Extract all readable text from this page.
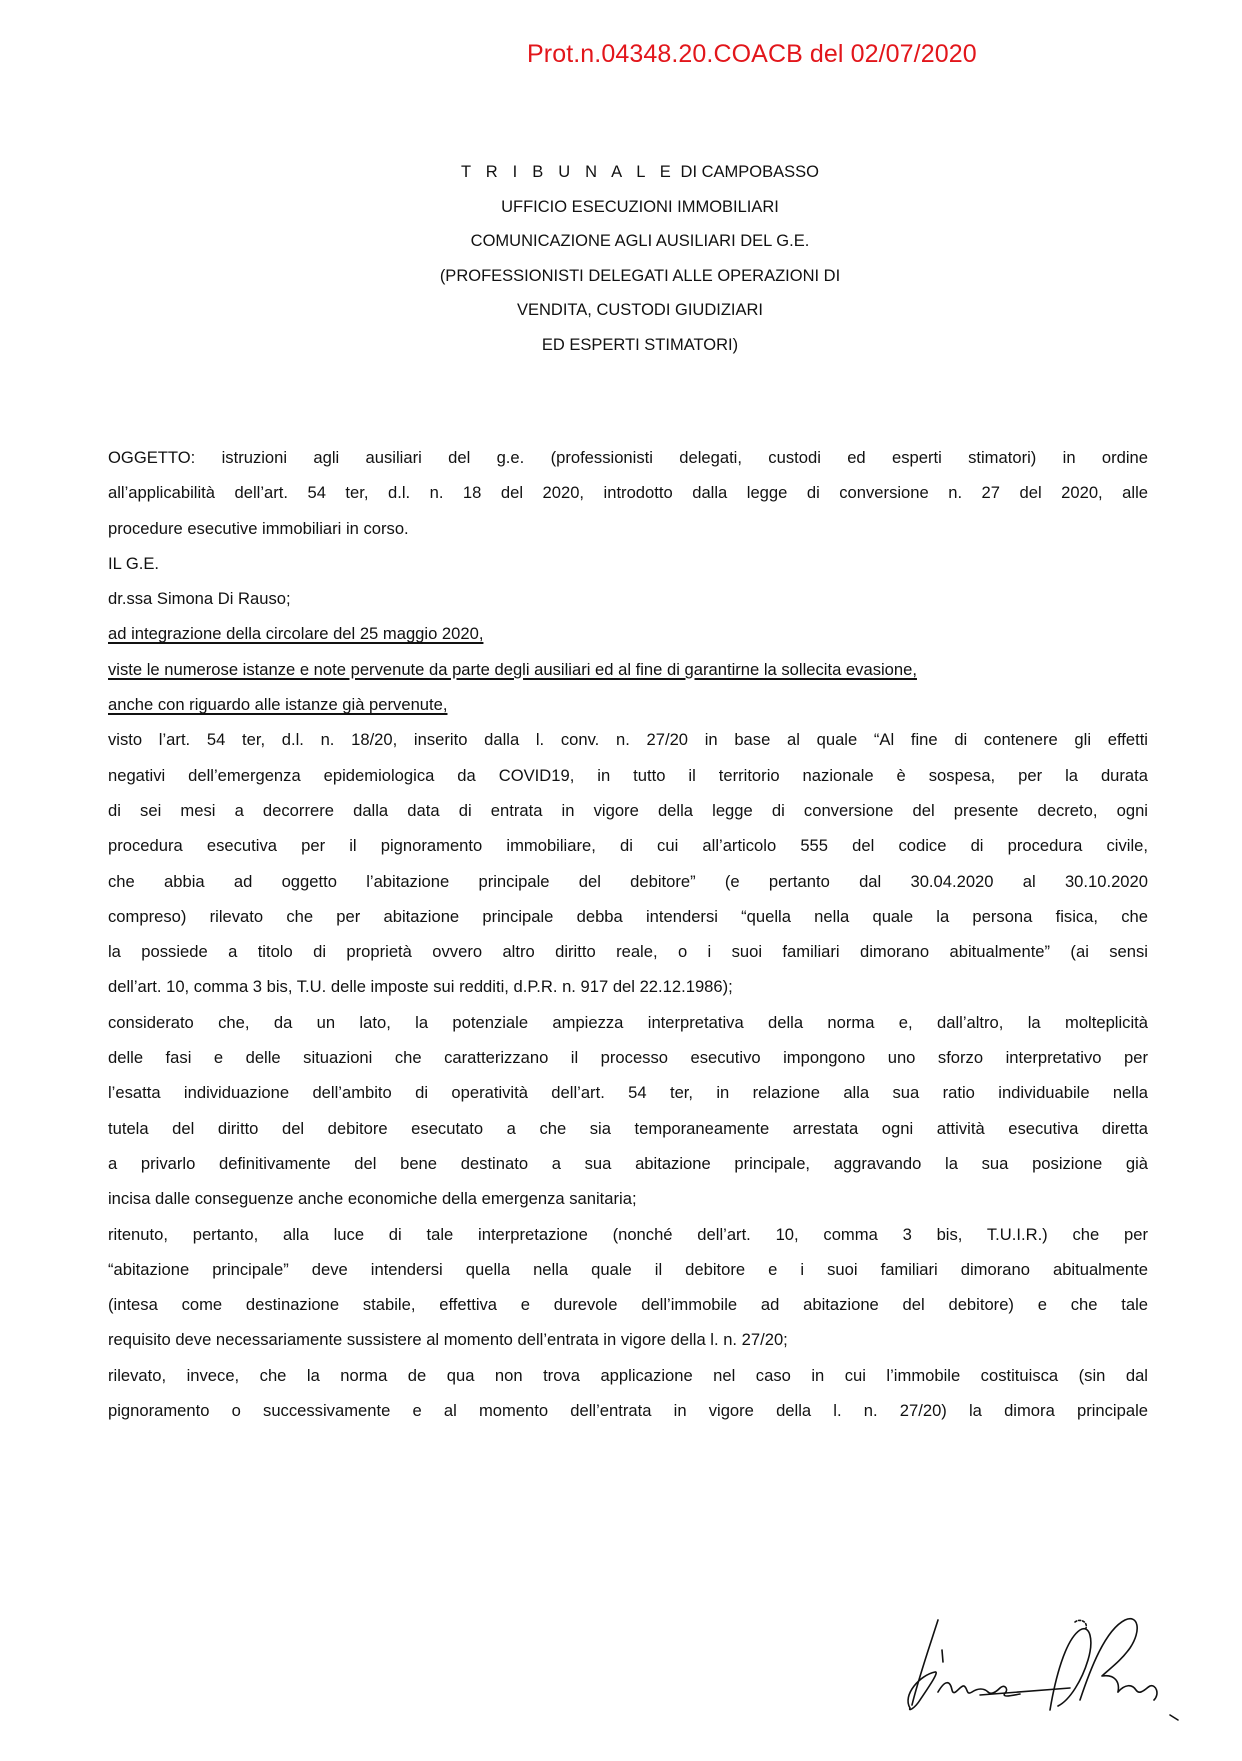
Prot.n.04348.20.COACB del 02/07/2020
T R I B U N A L E DI CAMPOBASSO
UFFICIO ESECUZIONI IMMOBILIARI
COMUNICAZIONE AGLI AUSILIARI DEL G.E.
(PROFESSIONISTI DELEGATI ALLE OPERAZIONI DI
VENDITA, CUSTODI GIUDIZIARI
ED ESPERTI STIMATORI)
OGGETTO: istruzioni agli ausiliari del g.e. (professionisti delegati, custodi ed esperti stimatori) in ordine
all’applicabilità dell’art. 54 ter, d.l. n. 18 del 2020, introdotto dalla legge di conversione n. 27 del 2020, alle
procedure esecutive immobiliari in corso.
IL G.E.
dr.ssa Simona Di Rauso;
ad integrazione della circolare del 25 maggio 2020,
viste le numerose istanze e note pervenute da parte degli ausiliari ed al fine di garantirne la sollecita evasione,
anche con riguardo alle istanze già pervenute,
visto l’art. 54 ter, d.l. n. 18/20, inserito dalla l. conv. n. 27/20 in base al quale “Al fine di contenere gli effetti
negativi dell’emergenza epidemiologica da COVID19, in tutto il territorio nazionale è sospesa, per la durata
di sei mesi a decorrere dalla data di entrata in vigore della legge di conversione del presente decreto, ogni
procedura esecutiva per il pignoramento immobiliare, di cui all’articolo 555 del codice di procedura civile,
che abbia ad oggetto l’abitazione principale del debitore” (e pertanto dal 30.04.2020 al 30.10.2020
compreso) rilevato che per abitazione principale debba intendersi “quella nella quale la persona fisica, che
la possiede a titolo di proprietà ovvero altro diritto reale, o i suoi familiari dimorano abitualmente” (ai sensi
dell’art. 10, comma 3 bis, T.U. delle imposte sui redditi, d.P.R. n. 917 del 22.12.1986);
considerato che, da un lato, la potenziale ampiezza interpretativa della norma e, dall’altro, la molteplicità
delle fasi e delle situazioni che caratterizzano il processo esecutivo impongono uno sforzo interpretativo per
l’esatta individuazione dell’ambito di operatività dell’art. 54 ter, in relazione alla sua ratio individuabile nella
tutela del diritto del debitore esecutato a che sia temporaneamente arrestata ogni attività esecutiva diretta
a privarlo definitivamente del bene destinato a sua abitazione principale, aggravando la sua posizione già
incisa dalle conseguenze anche economiche della emergenza sanitaria;
ritenuto, pertanto, alla luce di tale interpretazione (nonché dell’art. 10, comma 3 bis, T.U.I.R.) che per
“abitazione principale” deve intendersi quella nella quale il debitore e i suoi familiari dimorano abitualmente
(intesa come destinazione stabile, effettiva e durevole dell’immobile ad abitazione del debitore) e che tale
requisito deve necessariamente sussistere al momento dell’entrata in vigore della l. n. 27/20;
rilevato, invece, che la norma de qua non trova applicazione nel caso in cui l’immobile costituisca (sin dal
pignoramento o successivamente e al momento dell’entrata in vigore della l. n. 27/20) la dimora principale
